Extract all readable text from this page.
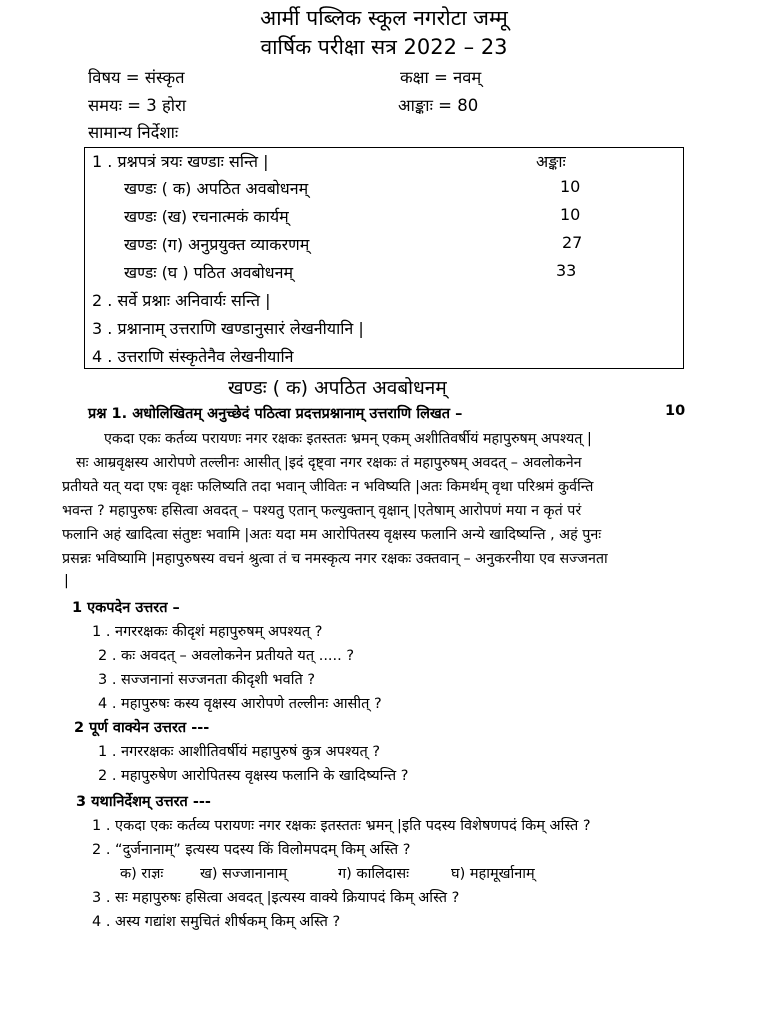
आर्मी पब्लिक स्कूल नगरोटा जम्मू
वार्षिक परीक्षा सत्र 2022 – 23
विषय = संस्कृत	कक्षा = नवम्
समयः = 3 होरा	आङ्काः = 80
सामान्य निर्देशाः
1 . प्रश्नपत्रं त्रयः खण्डाः सन्ति |	अङ्काः
खण्डः ( क) अपठित अवबोधनम्	10
खण्डः (ख) रचनात्मकं कार्यम्	10
खण्डः (ग) अनुप्रयुक्त व्याकरणम्	27
खण्डः (घ ) पठित अवबोधनम्	33
2 . सर्वे प्रश्नाः अनिवार्यः सन्ति |
3 . प्रश्नानाम् उत्तराणि खण्डानुसारं लेखनीयानि |
4 . उत्तराणि संस्कृतेनैव लेखनीयानि
खण्डः ( क) अपठित अवबोधनम्
प्रश्न 1. अधोलिखितम् अनुच्छेदं पठित्वा प्रदत्तप्रश्नानाम् उत्तराणि लिखत –	10
एकदा एकः कर्तव्य परायणः नगर रक्षकः इतस्ततः भ्रमन् एकम् अशीतिवर्षीयं महापुरुषम् अपश्यत् |
सः आम्रवृक्षस्य आरोपणे तल्लीनः आसीत् |इदं दृष्ट्वा नगर रक्षकः तं महापुरुषम् अवदत् – अवलोकनेन
प्रतीयते यत् यदा एषः वृक्षः फलिष्यति तदा भवान् जीवितः न भविष्यति |अतः किमर्थम् वृथा परिश्रमं कुर्वन्ति
भवन्त ? महापुरुषः हसित्वा अवदत् – पश्यतु एतान् फल्युक्तान् वृक्षान् |एतेषाम् आरोपणं मया न कृतं परं
फलानि अहं खादित्वा संतुष्टः भवामि |अतः यदा मम आरोपितस्य वृक्षस्य फलानि अन्ये खादिष्यन्ति , अहं पुनः
प्रसन्नः भविष्यामि |महापुरुषस्य वचनं श्रुत्वा तं च नमस्कृत्य नगर रक्षकः उक्तवान् – अनुकरनीया एव सज्जनता
|
1 एकपदेन उत्तरत –
1 . नगररक्षकः कीदृशं महापुरुषम् अपश्यत् ?
2 . कः अवदत् – अवलोकनेन प्रतीयते यत् ..... ?
3 . सज्जनानां सज्जनता कीदृशी भवति ?
4 . महापुरुषः कस्य वृक्षस्य आरोपणे तल्लीनः आसीत् ?
2 पूर्ण वाक्येन उत्तरत ---
1 . नगररक्षकः आशीतिवर्षीयं महापुरुषं कुत्र अपश्यत् ?
2 . महापुरुषेण आरोपितस्य वृक्षस्य फलानि के खादिष्यन्ति ?
3 यथानिर्देशम् उत्तरत ---
1 . एकदा एकः कर्तव्य परायणः नगर रक्षकः इतस्ततः भ्रमन् |इति पदस्य विशेषणपदं किम् अस्ति ?
2 . “दुर्जनानाम्” इत्यस्य पदस्य किं विलोमपदम् किम् अस्ति ?
क) राज्ञः	ख) सज्जानानाम्	ग) कालिदासः	घ) महामूर्खानाम्
3 . सः महापुरुषः हसित्वा अवदत् |इत्यस्य वाक्ये क्रियापदं किम् अस्ति ?
4 . अस्य गद्यांश समुचितं शीर्षकम् किम् अस्ति ?
